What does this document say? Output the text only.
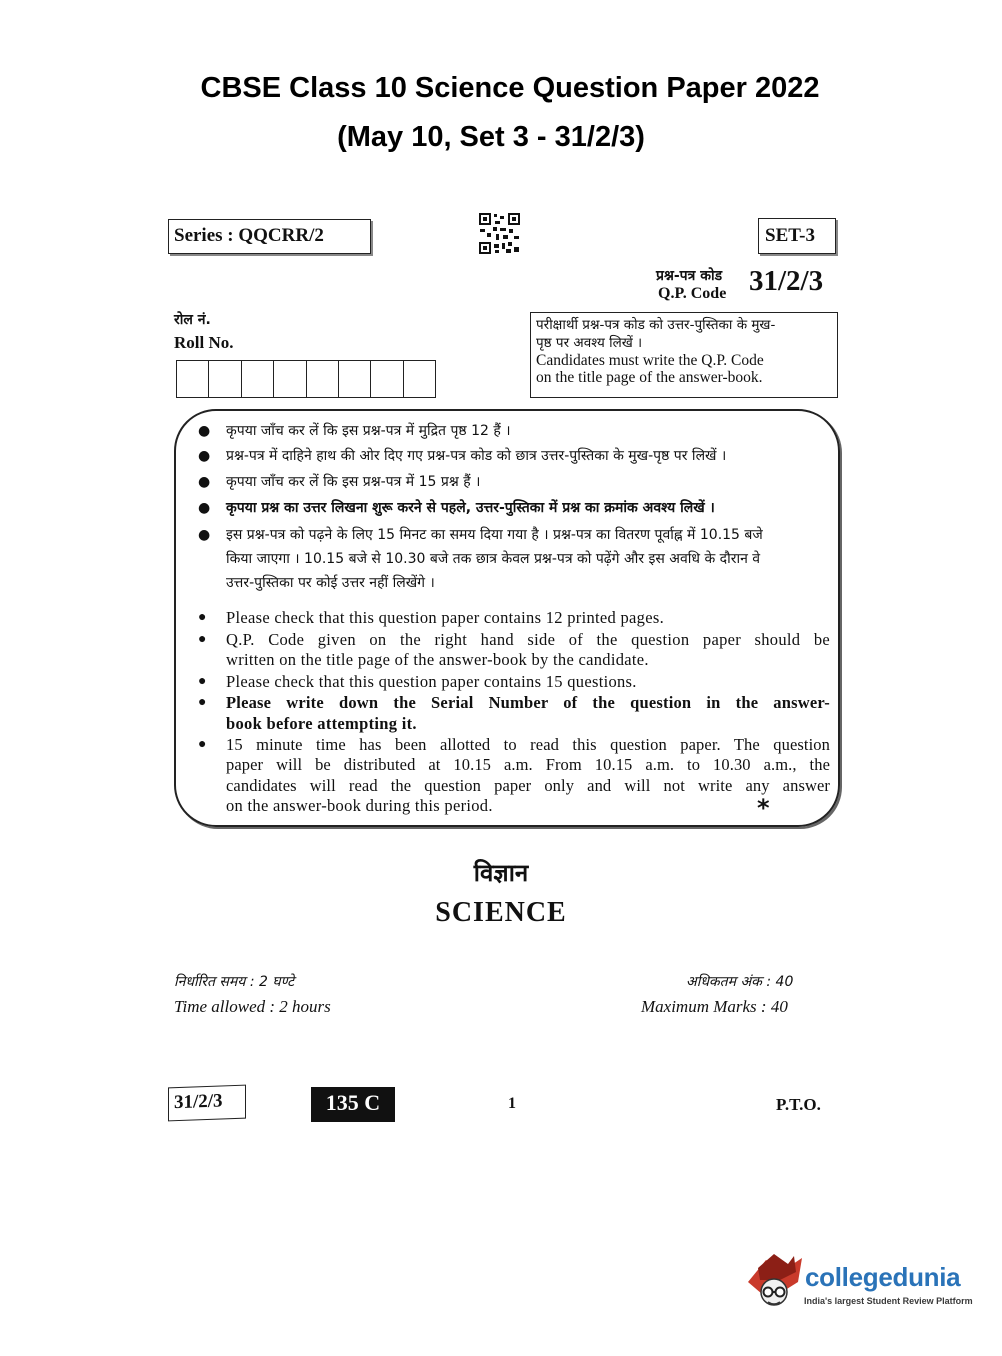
CBSE Class 10 Science Question Paper 2022
(May 10, Set 3 - 31/2/3)
Series : QQCRR/2	SET-3
प्रश्न-पत्र कोड
Q.P. Code 31/2/3
रोल नं.
Roll No.
परीक्षार्थी प्रश्न-पत्र कोड को उत्तर-पुस्तिका के मुख-
पृष्ठ पर अवश्य लिखें ।
Candidates must write the Q.P. Code
on the title page of the answer-book.
● कृपया जाँच कर लें कि इस प्रश्न-पत्र में मुद्रित पृष्ठ 12 हैं ।
● प्रश्न-पत्र में दाहिने हाथ की ओर दिए गए प्रश्न-पत्र कोड को छात्र उत्तर-पुस्तिका के मुख-पृष्ठ पर लिखें ।
● कृपया जाँच कर लें कि इस प्रश्न-पत्र में 15 प्रश्न हैं ।
● कृपया प्रश्न का उत्तर लिखना शुरू करने से पहले, उत्तर-पुस्तिका में प्रश्न का क्रमांक अवश्य लिखें ।
● इस प्रश्न-पत्र को पढ़ने के लिए 15 मिनट का समय दिया गया है । प्रश्न-पत्र का वितरण पूर्वाह्न में 10.15 बजे
किया जाएगा । 10.15 बजे से 10.30 बजे तक छात्र केवल प्रश्न-पत्र को पढ़ेंगे और इस अवधि के दौरान वे
उत्तर-पुस्तिका पर कोई उत्तर नहीं लिखेंगे ।
● Please check that this question paper contains 12 printed pages.
● Q.P. Code given on the right hand side of the question paper should be
written on the title page of the answer-book by the candidate.
● Please check that this question paper contains 15 questions.
● Please write down the Serial Number of the question in the answer-
book before attempting it.
● 15 minute time has been allotted to read this question paper. The question
paper will be distributed at 10.15 a.m. From 10.15 a.m. to 10.30 a.m., the
candidates will read the question paper only and will not write any answer
on the answer-book during this period.	*
विज्ञान
SCIENCE
निर्धारित समय : 2 घण्टे
Time allowed : 2 hours
अधिकतम अंक : 40
Maximum Marks : 40
31/2/3	135 C	1	P.T.O.
collegedunia
India's largest Student Review Platform
